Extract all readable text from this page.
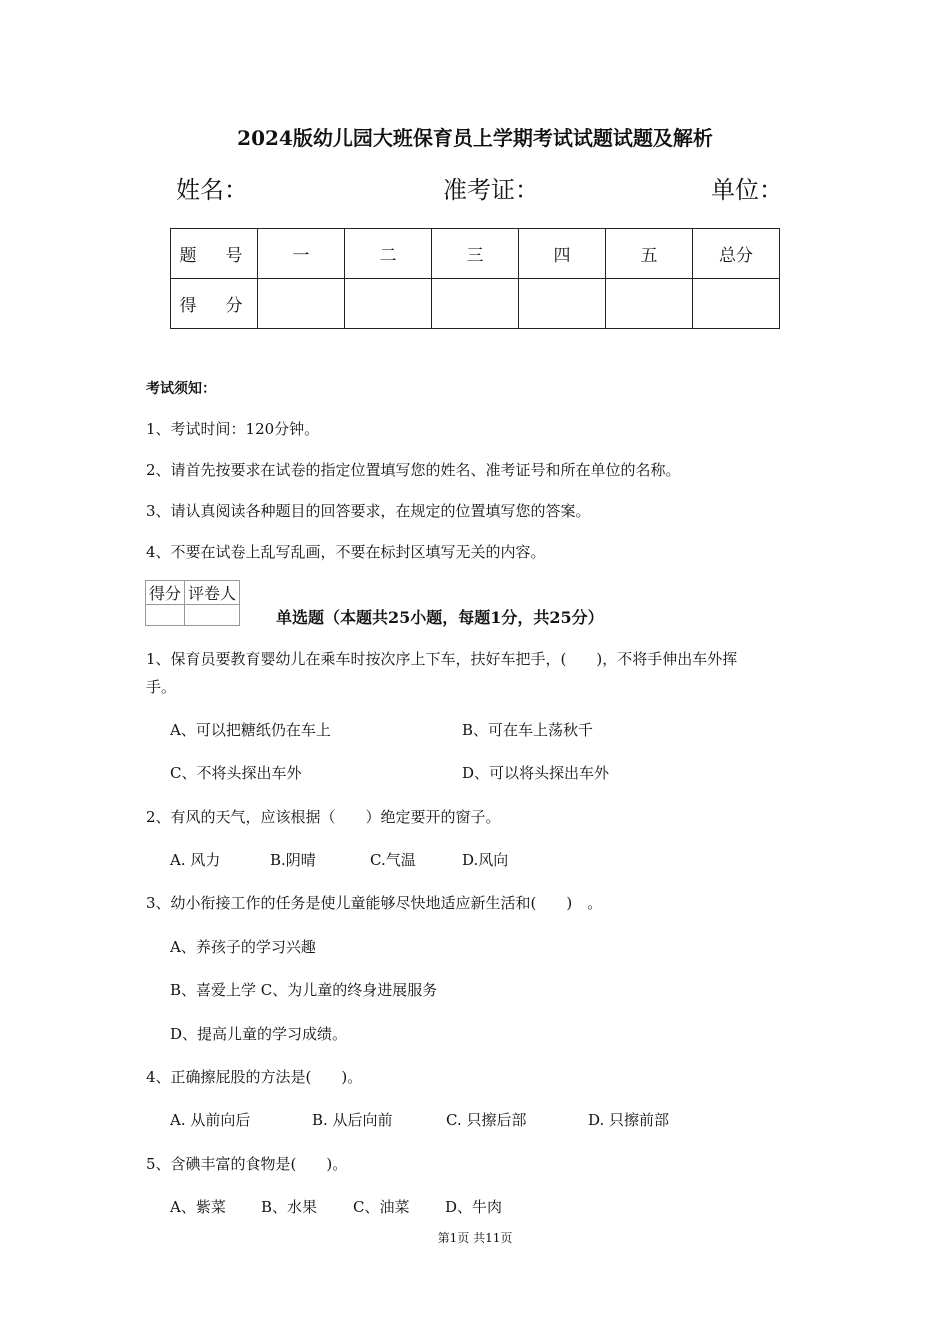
2024版幼儿园大班保育员上学期考试试题试题及解析
姓名：	准考证：	单位：
题　号	一	二	三	四	五	总分
得　分						
考试须知：
1、考试时间：120分钟。
2、请首先按要求在试卷的指定位置填写您的姓名、准考证号和所在单位的名称。
3、请认真阅读各种题目的回答要求，在规定的位置填写您的答案。
4、不要在试卷上乱写乱画，不要在标封区填写无关的内容。
得分	评卷人

单选题（本题共25小题，每题1分，共25分）
1、保育员要教育婴幼儿在乘车时按次序上下车，扶好车把手，(　　)，不将手伸出车外挥
手。
A、可以把糖纸仍在车上	B、可在车上荡秋千
C、不将头探出车外	D、可以将头探出车外
2、有风的天气，应该根据（　　）绝定要开的窗子。
A. 风力	B.阴晴	C.气温	D.风向
3、幼小衔接工作的任务是使儿童能够尽快地适应新生活和(　　)　。
A、养孩子的学习兴趣
B、喜爱上学 C、为儿童的终身进展服务
D、提高儿童的学习成绩。
4、正确擦屁股的方法是(　　)。
A. 从前向后	B. 从后向前	C. 只擦后部	D. 只擦前部
5、含碘丰富的食物是(　　)。
A、紫菜 B、水果 C、油菜 D、牛肉
第1页 共11页
